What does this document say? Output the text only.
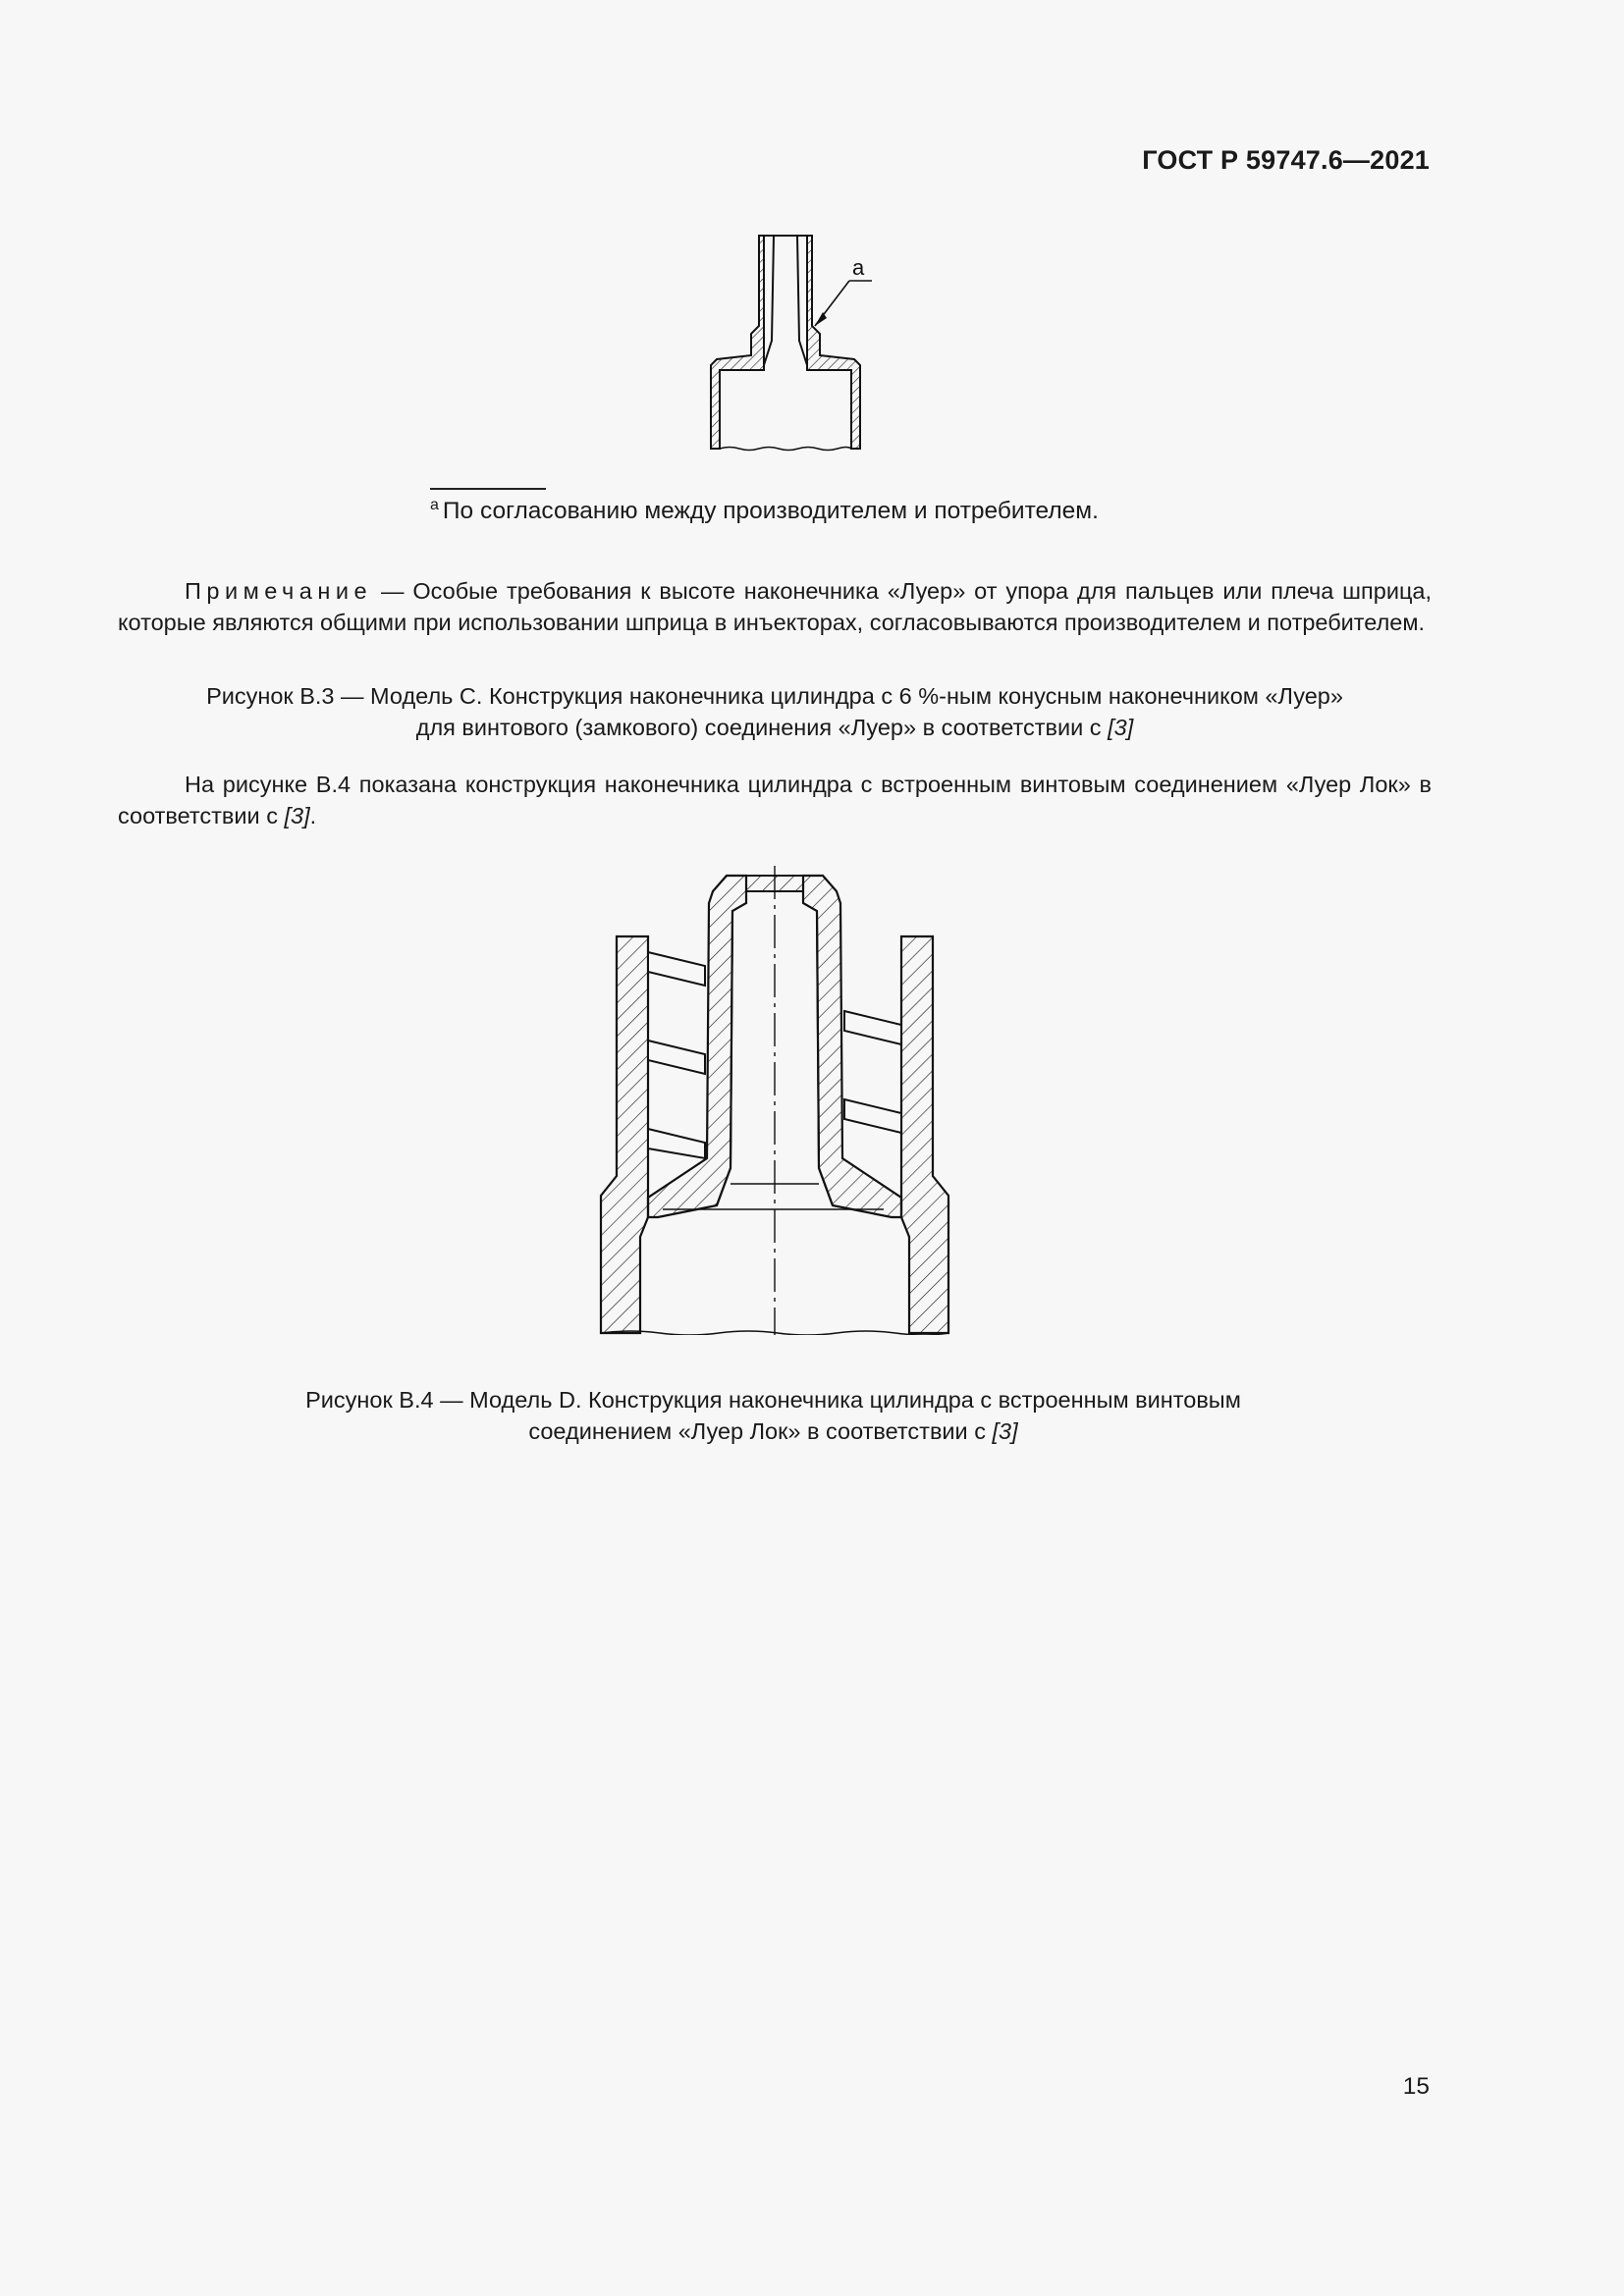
ГОСТ Р 59747.6—2021
а
$^a$ По согласованию между производителем и потребителем.
Примечание — Особые требования к высоте наконечника «Луер» от упора для пальцев или плеча шприца, которые являются общими при использовании шприца в инъекторах, согласовываются производителем и потребителем.
Рисунок В.3 — Модель С. Конструкция наконечника цилиндра с 6 %-ным конусным наконечником «Луер»
для винтового (замкового) соединения «Луер» в соответствии с [3]
На рисунке В.4 показана конструкция наконечника цилиндра с встроенным винтовым соединением «Луер Лок» в соответствии с [3].
Рисунок В.4 — Модель D. Конструкция наконечника цилиндра с встроенным винтовым
соединением «Луер Лок» в соответствии с [3]
15
